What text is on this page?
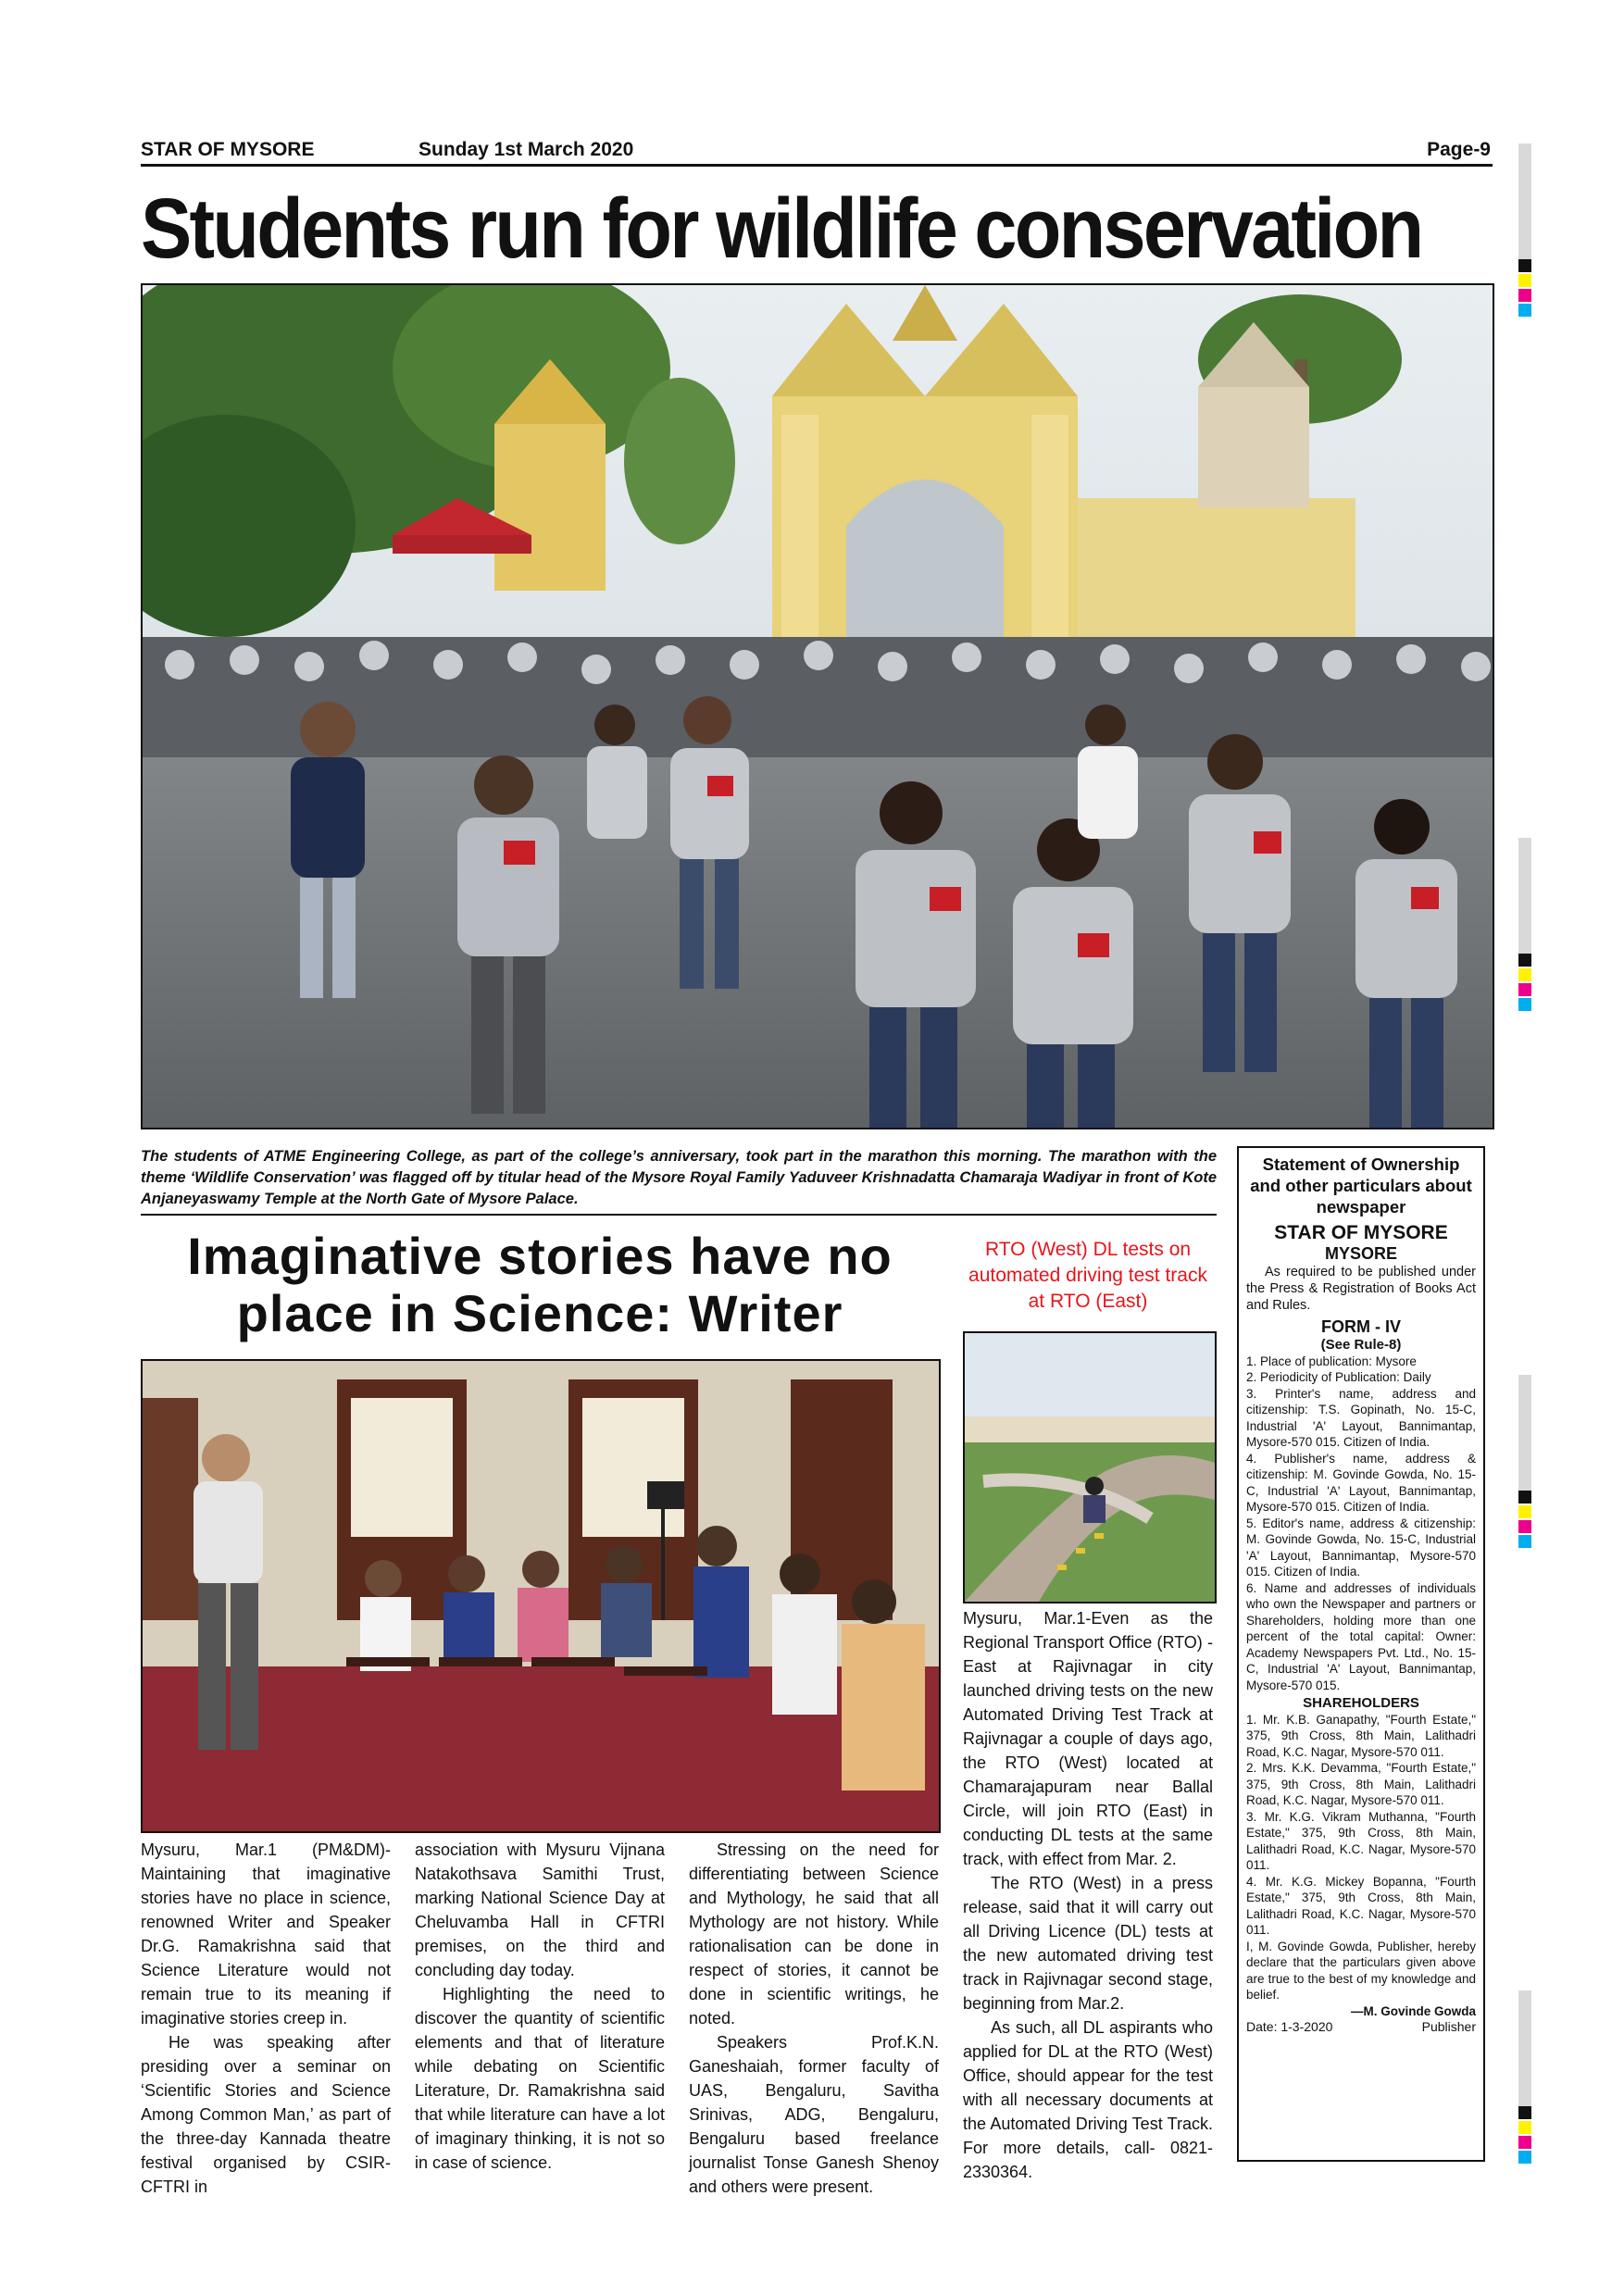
STAR OF MYSORE	Sunday 1st March 2020	Page-9
Students run for wildlife conservation
The students of ATME Engineering College, as part of the college’s anniversary, took part in the marathon this morning. The marathon with the theme ‘Wildlife Conservation’ was flagged off by titular head of the Mysore Royal Family Yaduveer Krishnadatta Chamaraja Wadiyar in front of Kote Anjaneyaswamy Temple at the North Gate of Mysore Palace.
Imaginative stories have no
place in Science: Writer

Mysuru, Mar.1 (PM&DM)- Maintaining that imaginative stories have no place in science, renowned Writer and Speaker Dr.G. Ramakrishna said that Science Literature would not remain true to its meaning if imaginative stories creep in.

He was speaking after presiding over a seminar on ‘Scientific Stories and Science Among Common Man,’ as part of the three-day Kannada theatre festival organised by CSIR-CFTRI in

association with Mysuru Vijnana Natakothsava Samithi Trust, marking National Science Day at Cheluvamba Hall in CFTRI premises, on the third and concluding day today.

Highlighting the need to discover the quantity of scientific elements and that of literature while debating on Scientific Literature, Dr. Ramakrishna said that while literature can have a lot of imaginary thinking, it is not so in case of science.

Stressing on the need for differentiating between Science and Mythology, he said that all Mythology are not history. While rationalisation can be done in respect of stories, it cannot be done in scientific writings, he noted.

Speakers Prof.K.N. Ganeshaiah, former faculty of UAS, Bengaluru, Savitha Srinivas, ADG, Bengaluru, Bengaluru based freelance journalist Tonse Ganesh Shenoy and others were present.

RTO (West) DL tests on automated driving test track at RTO (East)

Mysuru, Mar.1-Even as the Regional Transport Office (RTO) - East at Rajivnagar in city launched driving tests on the new Automated Driving Test Track at Rajivnagar a couple of days ago, the RTO (West) located at Chamarajapuram near Ballal Circle, will join RTO (East) in conducting DL tests at the same track, with effect from Mar. 2.

The RTO (West) in a press release, said that it will carry out all Driving Licence (DL) tests at the new automated driving test track in Rajivnagar second stage, beginning from Mar.2.

As such, all DL aspirants who applied for DL at the RTO (West) Office, should appear for the test with all necessary documents at the Automated Driving Test Track. For more details, call- 0821-2330364.

Statement of Ownership and other particulars about newspaper
STAR OF MYSORE
MYSORE

As required to be published under the Press & Registration of Books Act and Rules.

FORM - IV
(See Rule-8)

1. Place of publication: Mysore

2. Periodicity of Publication: Daily

3. Printer's name, address and citizenship: T.S. Gopinath, No. 15-C, Industrial 'A' Layout, Bannimantap, Mysore-570 015. Citizen of India.

4. Publisher's name, address & citizenship: M. Govinde Gowda, No. 15-C, Industrial 'A' Layout, Bannimantap, Mysore-570 015. Citizen of India.

5. Editor's name, address & citizenship: M. Govinde Gowda, No. 15-C, Industrial 'A' Layout, Bannimantap, Mysore-570 015. Citizen of India.

6. Name and addresses of individuals who own the Newspaper and partners or Shareholders, holding more than one percent of the total capital: Owner: Academy Newspapers Pvt. Ltd., No. 15-C, Industrial 'A' Layout, Bannimantap, Mysore-570 015.

SHAREHOLDERS

1. Mr. K.B. Ganapathy, "Fourth Estate," 375, 9th Cross, 8th Main, Lalithadri Road, K.C. Nagar, Mysore-570 011.

2. Mrs. K.K. Devamma, "Fourth Estate," 375, 9th Cross, 8th Main, Lalithadri Road, K.C. Nagar, Mysore-570 011.

3. Mr. K.G. Vikram Muthanna, "Fourth Estate," 375, 9th Cross, 8th Main, Lalithadri Road, K.C. Nagar, Mysore-570 011.

4. Mr. K.G. Mickey Bopanna, "Fourth Estate," 375, 9th Cross, 8th Main, Lalithadri Road, K.C. Nagar, Mysore-570 011.

I, M. Govinde Gowda, Publisher, hereby declare that the particulars given above are true to the best of my knowledge and belief.

—M. Govinde Gowda
Date: 1-3-2020	Publisher
